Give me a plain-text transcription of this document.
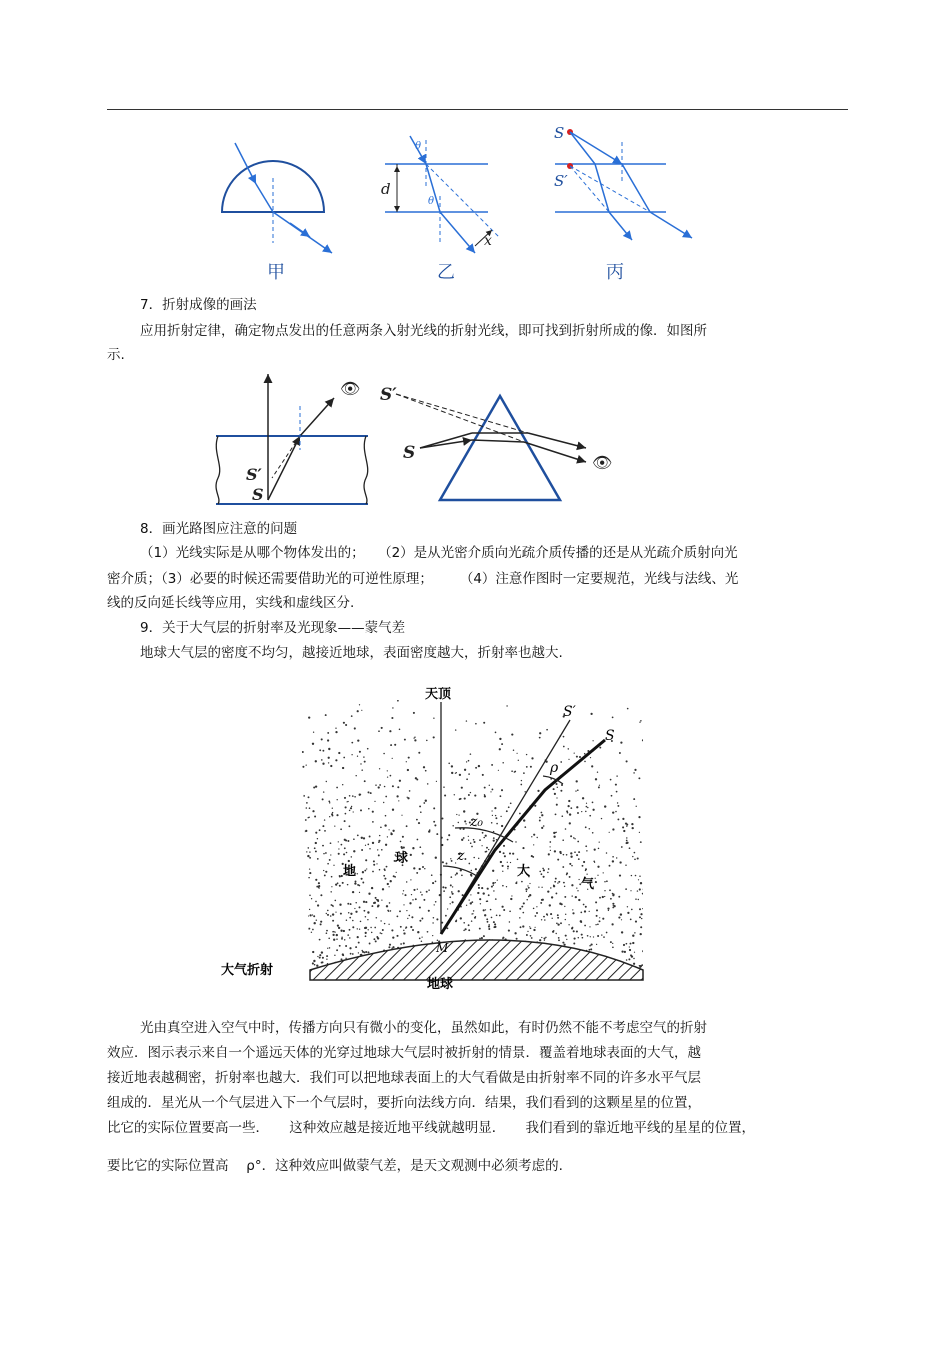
d
x
θ
θ
S
S′
甲	乙	丙
7．折射成像的画法
应用折射定律，确定物点发出的任意两条入射光线的折射光线，即可找到折射所成的像．如图所
示.
👁
S′
S
👁
S′
S
8．画光路图应注意的问题
（1）光线实际是从哪个物体发出的；　　（2）是从光密介质向光疏介质传播的还是从光疏介质射向光
密介质；（3）必要的时候还需要借助光的可逆性原理；　　　（4）注意作图时一定要规范，光线与法线、光
线的反向延长线等应用，实线和虚线区分.
9．关于大气层的折射率及光现象——蒙气差
地球大气层的密度不均匀，越接近地球，表面密度越大，折射率也越大.
天顶
S′
S
ρ
z₀
z
地
球
大
气
M
大气折射
地球
光由真空进入空气中时，传播方向只有微小的变化，虽然如此，有时仍然不能不考虑空气的折射
效应．图示表示来自一个遥远天体的光穿过地球大气层时被折射的情景．覆盖着地球表面的大气，越
接近地表越稠密，折射率也越大．我们可以把地球表面上的大气看做是由折射率不同的许多水平气层
组成的．星光从一个气层进入下一个气层时，要折向法线方向．结果，我们看到的这颗星星的位置，
比它的实际位置要高一些．　　这种效应越是接近地平线就越明显．　　我们看到的靠近地平线的星星的位置，
要比它的实际位置高　 ρ°．这种效应叫做蒙气差，是天文观测中必须考虑的.
